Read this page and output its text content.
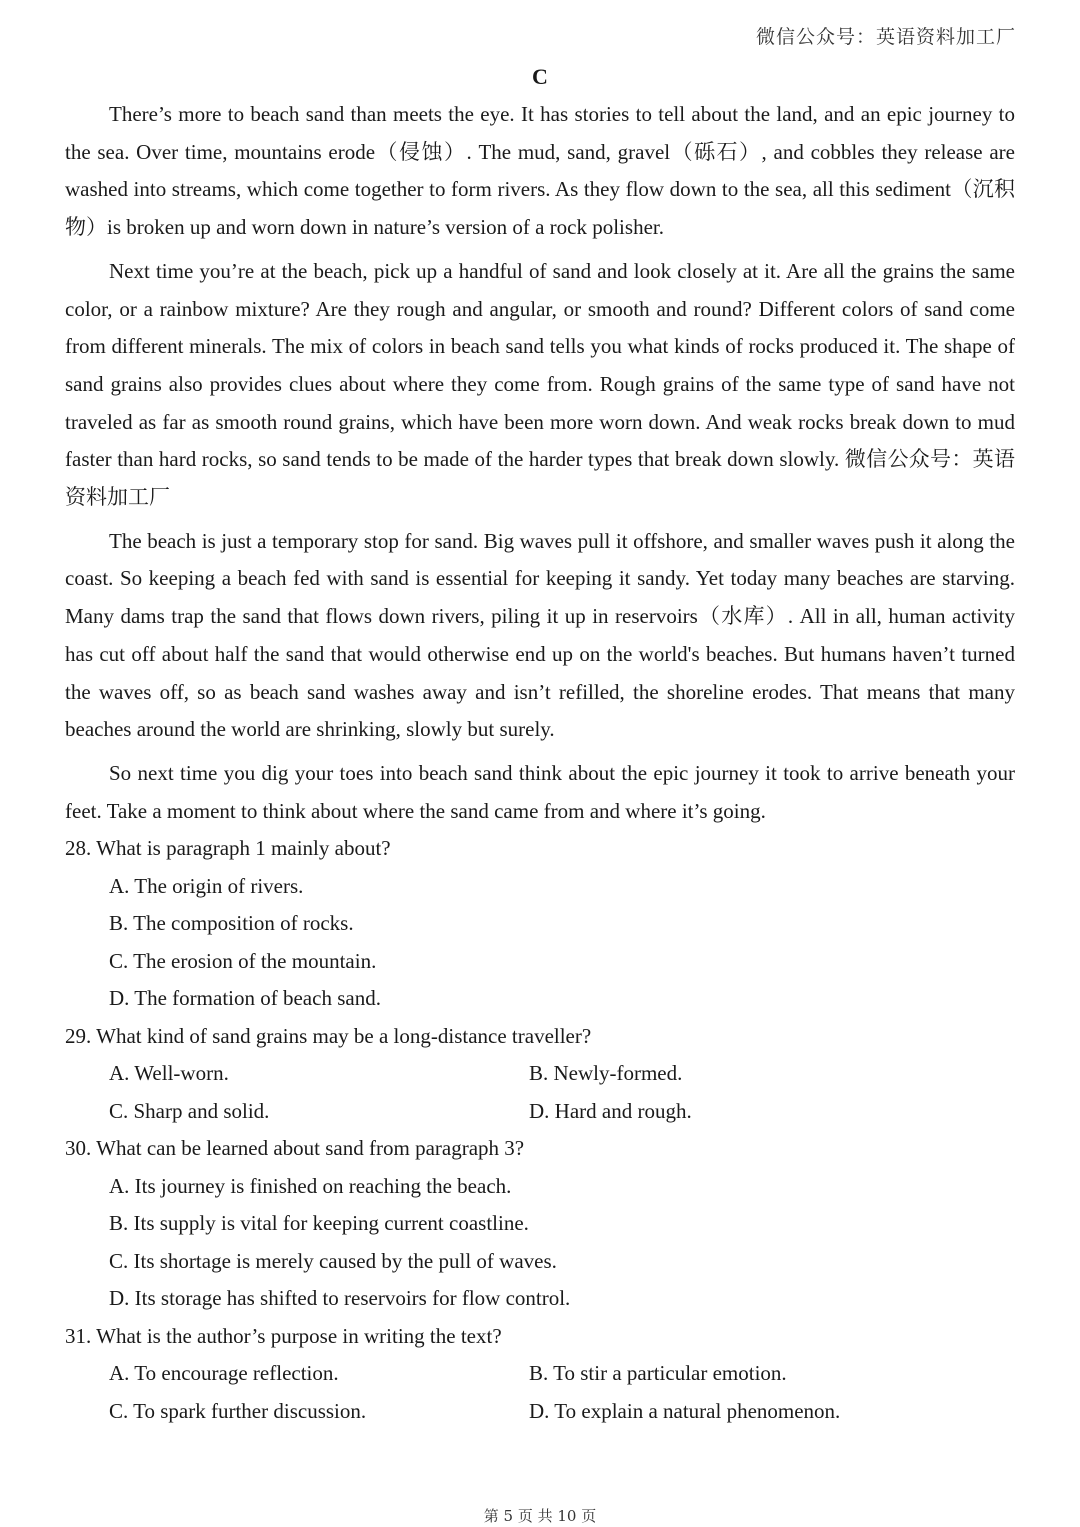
微信公众号：英语资料加工厂
C

There’s more to beach sand than meets the eye. It has stories to tell about the land, and an epic journey to the sea. Over time, mountains erode（侵蚀）. The mud, sand, gravel（砾石）, and cobbles they release are washed into streams, which come together to form rivers. As they flow down to the sea, all this sediment（沉积物）is broken up and worn down in nature’s version of a rock polisher.

Next time you’re at the beach, pick up a handful of sand and look closely at it. Are all the grains the same color, or a rainbow mixture? Are they rough and angular, or smooth and round? Different colors of sand come from different minerals. The mix of colors in beach sand tells you what kinds of rocks produced it. The shape of sand grains also provides clues about where they come from. Rough grains of the same type of sand have not traveled as far as smooth round grains, which have been more worn down. And weak rocks break down to mud faster than hard rocks, so sand tends to be made of the harder types that break down slowly. 微信公众号：英语资料加工厂

The beach is just a temporary stop for sand. Big waves pull it offshore, and smaller waves push it along the coast. So keeping a beach fed with sand is essential for keeping it sandy. Yet today many beaches are starving. Many dams trap the sand that flows down rivers, piling it up in reservoirs（水库）. All in all, human activity has cut off about half the sand that would otherwise end up on the world's beaches. But humans haven’t turned the waves off, so as beach sand washes away and isn’t refilled, the shoreline erodes. That means that many beaches around the world are shrinking, slowly but surely.

So next time you dig your toes into beach sand think about the epic journey it took to arrive beneath your feet. Take a moment to think about where the sand came from and where it’s going.

28. What is paragraph 1 mainly about?
A. The origin of rivers.
B. The composition of rocks.
C. The erosion of the mountain.
D. The formation of beach sand.
29. What kind of sand grains may be a long-distance traveller?
A. Well-worn.	B. Newly-formed.
C. Sharp and solid.	D. Hard and rough.
30. What can be learned about sand from paragraph 3?
A. Its journey is finished on reaching the beach.
B. Its supply is vital for keeping current coastline.
C. Its shortage is merely caused by the pull of waves.
D. Its storage has shifted to reservoirs for flow control.
31. What is the author’s purpose in writing the text?
A. To encourage reflection.	B. To stir a particular emotion.
C. To spark further discussion.	D. To explain a natural phenomenon.
第 5 页 共 10 页
